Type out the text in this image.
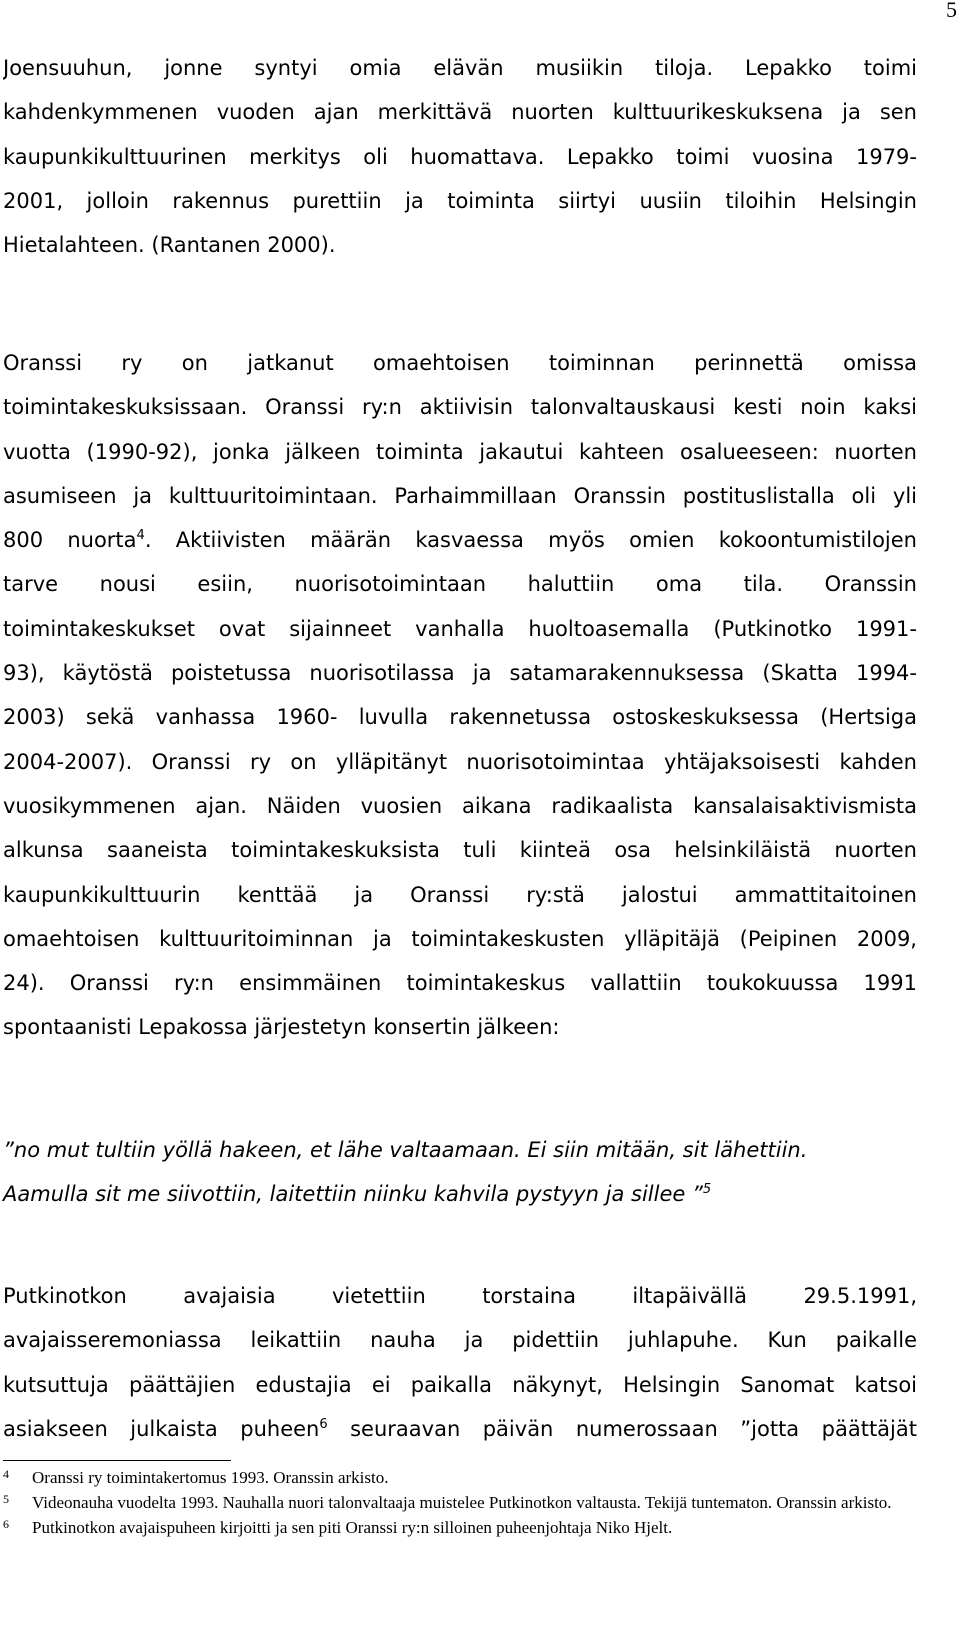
5
Joensuuhun, jonne syntyi omia elävän musiikin tiloja. Lepakko toimi
kahdenkymmenen vuoden ajan merkittävä nuorten kulttuurikeskuksena ja sen
kaupunkikulttuurinen merkitys oli huomattava. Lepakko toimi vuosina 1979-
2001, jolloin rakennus purettiin ja toiminta siirtyi uusiin tiloihin Helsingin
Hietalahteen. (Rantanen 2000).
Oranssi ry on jatkanut omaehtoisen toiminnan perinnettä omissa
toimintakeskuksissaan. Oranssi ry:n aktiivisin talonvaltauskausi kesti noin kaksi
vuotta (1990-92), jonka jälkeen toiminta jakautui kahteen osalueeseen: nuorten
asumiseen ja kulttuuritoimintaan. Parhaimmillaan Oranssin postituslistalla oli yli
800 nuorta$^4$. Aktiivisten määrän kasvaessa myös omien kokoontumistilojen
tarve nousi esiin, nuorisotoimintaan haluttiin oma tila. Oranssin
toimintakeskukset ovat sijainneet vanhalla huoltoasemalla (Putkinotko 1991-
93), käytöstä poistetussa nuorisotilassa ja satamarakennuksessa (Skatta 1994-
2003) sekä vanhassa 1960- luvulla rakennetussa ostoskeskuksessa (Hertsiga
2004-2007). Oranssi ry on ylläpitänyt nuorisotoimintaa yhtäjaksoisesti kahden
vuosikymmenen ajan. Näiden vuosien aikana radikaalista kansalaisaktivismista
alkunsa saaneista toimintakeskuksista tuli kiinteä osa helsinkiläistä nuorten
kaupunkikulttuurin kenttää ja Oranssi ry:stä jalostui ammattitaitoinen
omaehtoisen kulttuuritoiminnan ja toimintakeskusten ylläpitäjä (Peipinen 2009,
24). Oranssi ry:n ensimmäinen toimintakeskus vallattiin toukokuussa 1991
spontaanisti Lepakossa järjestetyn konsertin jälkeen:
”no mut tultiin yöllä hakeen, et lähe valtaamaan. Ei siin mitään, sit lähettiin.
Aamulla sit me siivottiin, laitettiin niinku kahvila pystyyn ja sillee ”$^5$
Putkinotkon avajaisia vietettiin torstaina iltapäivällä 29.5.1991,
avajaisseremoniassa leikattiin nauha ja pidettiin juhlapuhe. Kun paikalle
kutsuttuja päättäjien edustajia ei paikalla näkynyt, Helsingin Sanomat katsoi
asiakseen julkaista puheen$^6$ seuraavan päivän numerossaan ”jotta päättäjät
4 Oranssi ry toimintakertomus 1993. Oranssin arkisto.
5 Videonauha vuodelta 1993. Nauhalla nuori talonvaltaaja muistelee Putkinotkon valtausta. Tekijä tuntematon. Oranssin arkisto.
6 Putkinotkon avajaispuheen kirjoitti ja sen piti Oranssi ry:n silloinen puheenjohtaja Niko Hjelt.
